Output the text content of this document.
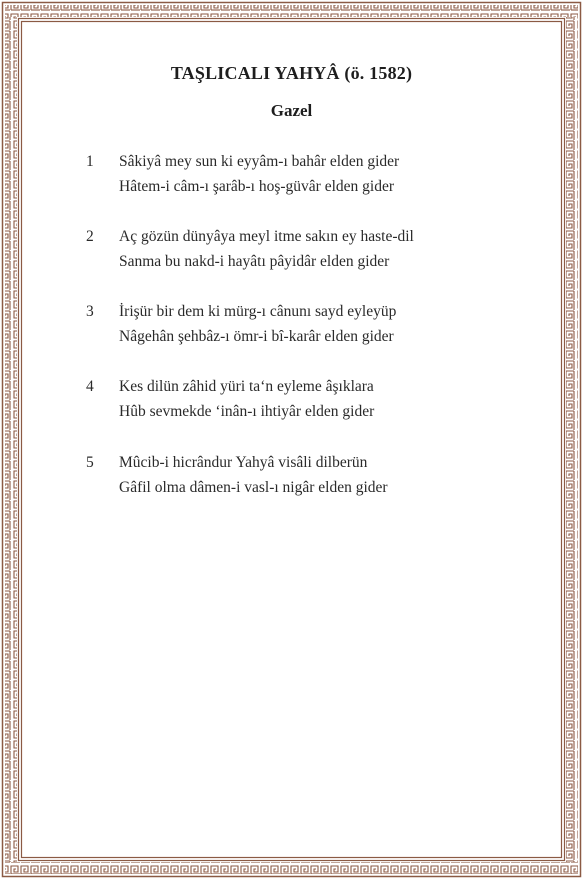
TAŞLICALI YAHYÂ (ö. 1582)
Gazel
1	Sâkiyâ mey sun ki eyyâm-ı bahâr elden gider
Hâtem-i câm-ı şarâb-ı hoş-güvâr elden gider
2	Aç gözün dünyâya meyl itme sakın ey haste-dil
Sanma bu nakd-i hayâtı pâyidâr elden gider
3	İrişür bir dem ki mürg-ı cânunı sayd eyleyüp
Nâgehân şehbâz-ı ömr-i bî-karâr elden gider
4	Kes dilün zâhid yüri ta‘n eyleme âşıklara
Hûb sevmekde ‘inân-ı ihtiyâr elden gider
5	Mûcib-i hicrândur Yahyâ visâli dilberün
Gâfil olma dâmen-i vasl-ı nigâr elden gider
